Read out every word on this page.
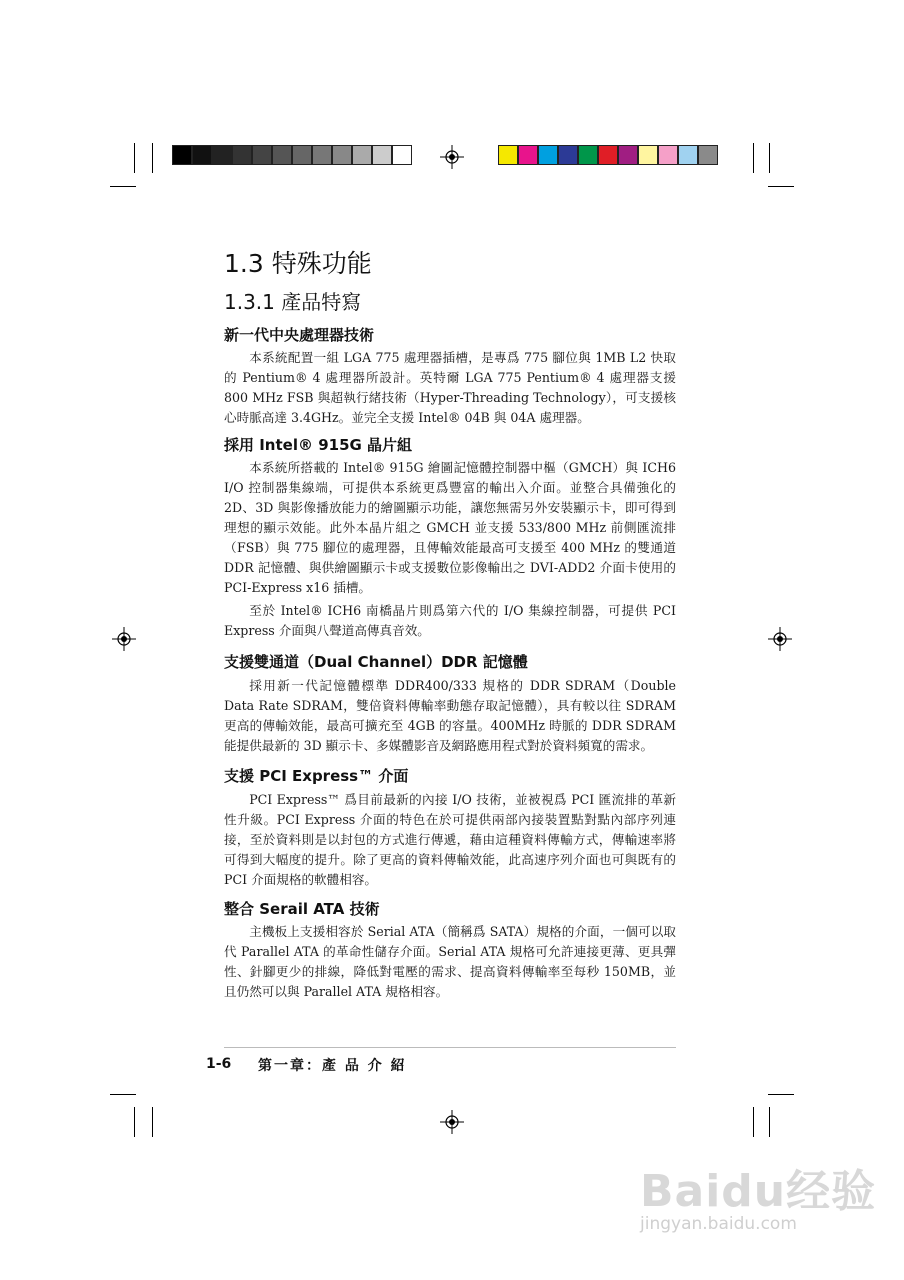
1.3 特殊功能
1.3.1 產品特寫
新一代中央處理器技術

本系統配置一組 LGA 775 處理器插槽，是專爲 775 腳位與 1MB L2 快取的 Pentium® 4 處理器所設計。英特爾 LGA 775 Pentium® 4 處理器支援 800 MHz FSB 與超執行緒技術（Hyper-Threading Technology），可支援核心時脈高達 3.4GHz。並完全支援 Intel® 04B 與 04A 處理器。

採用 Intel® 915G 晶片組

本系統所搭載的 Intel® 915G 繪圖記憶體控制器中樞（GMCH）與 ICH6 I/O 控制器集線端，可提供本系統更爲豐富的輸出入介面。並整合具備強化的 2D、3D 與影像播放能力的繪圖顯示功能，讓您無需另外安裝顯示卡，即可得到理想的顯示效能。此外本晶片組之 GMCH 並支援 533/800 MHz 前側匯流排（FSB）與 775 腳位的處理器，且傳輸效能最高可支援至 400 MHz 的雙通道 DDR 記憶體、與供繪圖顯示卡或支援數位影像輸出之 DVI-ADD2 介面卡使用的 PCI-Express x16 插槽。

至於 Intel® ICH6 南橋晶片則爲第六代的 I/O 集線控制器，可提供 PCI Express 介面與八聲道高傳真音效。

支援雙通道（Dual Channel）DDR 記憶體

採用新一代記憶體標準 DDR400/333 規格的 DDR SDRAM（Double Data Rate SDRAM，雙倍資料傳輸率動態存取記憶體），具有較以往 SDRAM 更高的傳輸效能，最高可擴充至 4GB 的容量。400MHz 時脈的 DDR SDRAM 能提供最新的 3D 顯示卡、多媒體影音及網路應用程式對於資料頻寬的需求。

支援 PCI Express™ 介面

PCI Express™ 爲目前最新的內接 I/O 技術，並被視爲 PCI 匯流排的革新性升級。PCI Express 介面的特色在於可提供兩部內接裝置點對點內部序列連接，至於資料則是以封包的方式進行傳遞，藉由這種資料傳輸方式，傳輸速率將可得到大幅度的提升。除了更高的資料傳輸效能，此高速序列介面也可與既有的 PCI 介面規格的軟體相容。

整合 Serail ATA 技術

主機板上支援相容於 Serial ATA（簡稱爲 SATA）規格的介面，一個可以取代 Parallel ATA 的革命性儲存介面。Serial ATA 規格可允許連接更薄、更具彈性、針腳更少的排線，降低對電壓的需求、提高資料傳輸率至每秒 150MB，並且仍然可以與 Parallel ATA 規格相容。

1-6 第一章：產 品 介 紹
Baidu经验
jingyan.baidu.com
